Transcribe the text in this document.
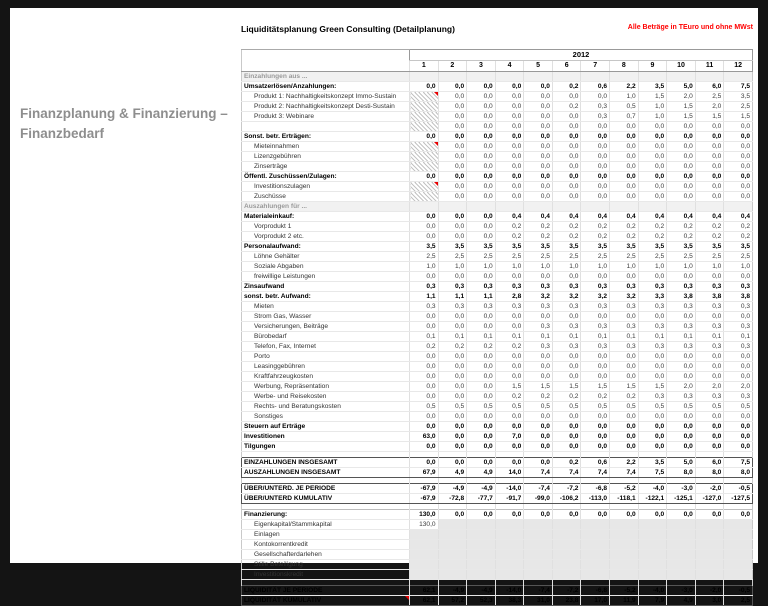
Finanzplanung & Finanzierung – Finanzbedarf
Liquiditätsplanung Green Consulting (Detailplanung)	Alle Beträge in TEuro und ohne MWst
	2012											
	1	2	3	4	5	6	7	8	9	10	11	12
Einzahlungen aus ...												
Umsatzerlösen/Anzahlungen:	0,0	0,0	0,0	0,0	0,0	0,2	0,6	2,2	3,5	5,0	6,0	7,5
Produkt 1: Nachhaltigkeitskonzept Immo-Sustain		0,0	0,0	0,0	0,0	0,0	0,0	1,0	1,5	2,0	2,5	3,5
Produkt 2: Nachhaltigkeitskonzept Desti-Sustain		0,0	0,0	0,0	0,0	0,2	0,3	0,5	1,0	1,5	2,0	2,5
Produkt 3: Webinare		0,0	0,0	0,0	0,0	0,0	0,3	0,7	1,0	1,5	1,5	1,5
		0,0	0,0	0,0	0,0	0,0	0,0	0,0	0,0	0,0	0,0	0,0
Sonst. betr. Erträgen:	0,0	0,0	0,0	0,0	0,0	0,0	0,0	0,0	0,0	0,0	0,0	0,0
Mieteinnahmen		0,0	0,0	0,0	0,0	0,0	0,0	0,0	0,0	0,0	0,0	0,0
Lizenzgebühren		0,0	0,0	0,0	0,0	0,0	0,0	0,0	0,0	0,0	0,0	0,0
Zinserträge		0,0	0,0	0,0	0,0	0,0	0,0	0,0	0,0	0,0	0,0	0,0
Öffentl. Zuschüssen/Zulagen:	0,0	0,0	0,0	0,0	0,0	0,0	0,0	0,0	0,0	0,0	0,0	0,0
Investitionszulagen		0,0	0,0	0,0	0,0	0,0	0,0	0,0	0,0	0,0	0,0	0,0
Zuschüsse		0,0	0,0	0,0	0,0	0,0	0,0	0,0	0,0	0,0	0,0	0,0
Auszahlungen für ...												
Materialeinkauf:	0,0	0,0	0,0	0,4	0,4	0,4	0,4	0,4	0,4	0,4	0,4	0,4
Vorprodukt 1	0,0	0,0	0,0	0,2	0,2	0,2	0,2	0,2	0,2	0,2	0,2	0,2
Vorprodukt 2 etc.	0,0	0,0	0,0	0,2	0,2	0,2	0,2	0,2	0,2	0,2	0,2	0,2
Personalaufwand:	3,5	3,5	3,5	3,5	3,5	3,5	3,5	3,5	3,5	3,5	3,5	3,5
Löhne Gehälter	2,5	2,5	2,5	2,5	2,5	2,5	2,5	2,5	2,5	2,5	2,5	2,5
Soziale Abgaben	1,0	1,0	1,0	1,0	1,0	1,0	1,0	1,0	1,0	1,0	1,0	1,0
freiwillige Leistungen	0,0	0,0	0,0	0,0	0,0	0,0	0,0	0,0	0,0	0,0	0,0	0,0
Zinsaufwand	0,3	0,3	0,3	0,3	0,3	0,3	0,3	0,3	0,3	0,3	0,3	0,3
sonst. betr. Aufwand:	1,1	1,1	1,1	2,8	3,2	3,2	3,2	3,2	3,3	3,8	3,8	3,8
Mieten	0,3	0,3	0,3	0,3	0,3	0,3	0,3	0,3	0,3	0,3	0,3	0,3
Strom Gas, Wasser	0,0	0,0	0,0	0,0	0,0	0,0	0,0	0,0	0,0	0,0	0,0	0,0
Versicherungen, Beiträge	0,0	0,0	0,0	0,0	0,3	0,3	0,3	0,3	0,3	0,3	0,3	0,3
Bürobedarf	0,1	0,1	0,1	0,1	0,1	0,1	0,1	0,1	0,1	0,1	0,1	0,1
Telefon, Fax, Internet	0,2	0,2	0,2	0,2	0,3	0,3	0,3	0,3	0,3	0,3	0,3	0,3
Porto	0,0	0,0	0,0	0,0	0,0	0,0	0,0	0,0	0,0	0,0	0,0	0,0
Leasinggebühren	0,0	0,0	0,0	0,0	0,0	0,0	0,0	0,0	0,0	0,0	0,0	0,0
Kraftfahrzeugkosten	0,0	0,0	0,0	0,0	0,0	0,0	0,0	0,0	0,0	0,0	0,0	0,0
Werbung, Repräsentation	0,0	0,0	0,0	1,5	1,5	1,5	1,5	1,5	1,5	2,0	2,0	2,0
Werbe- und Reisekosten	0,0	0,0	0,0	0,2	0,2	0,2	0,2	0,2	0,3	0,3	0,3	0,3
Rechts- und Beratungskosten	0,5	0,5	0,5	0,5	0,5	0,5	0,5	0,5	0,5	0,5	0,5	0,5
Sonstiges	0,0	0,0	0,0	0,0	0,0	0,0	0,0	0,0	0,0	0,0	0,0	0,0
Steuern auf Erträge	0,0	0,0	0,0	0,0	0,0	0,0	0,0	0,0	0,0	0,0	0,0	0,0
Investitionen	63,0	0,0	0,0	7,0	0,0	0,0	0,0	0,0	0,0	0,0	0,0	0,0
Tilgungen	0,0	0,0	0,0	0,0	0,0	0,0	0,0	0,0	0,0	0,0	0,0	0,0

EINZAHLUNGEN INSGESAMT	0,0	0,0	0,0	0,0	0,0	0,2	0,6	2,2	3,5	5,0	6,0	7,5
AUSZAHLUNGEN INSGESAMT	67,9	4,9	4,9	14,0	7,4	7,4	7,4	7,4	7,5	8,0	8,0	8,0

ÜBER/UNTERD. JE PERIODE	-67,9	-4,9	-4,9	-14,0	-7,4	-7,2	-6,8	-5,2	-4,0	-3,0	-2,0	-0,5
ÜBER/UNTERD KUMULATIV	-67,9	-72,8	-77,7	-91,7	-99,0	-106,2	-113,0	-118,1	-122,1	-125,1	-127,0	-127,5

Finanzierung:	130,0	0,0	0,0	0,0	0,0	0,0	0,0	0,0	0,0	0,0	0,0	0,0
Eigenkapital/Stammkapital	130,0											
Einlagen												
Kontokorrentkredit												
Gesellschafterdarlehen												
Stille Beteiligung												
Investitionskredit												

LIQUIDITÄT JE PERIODE	62,1	-4,9	-4,9	-14,0	-7,4	-7,2	-6,8	-5,2	-4,0	-3,0	-2,0	-0,5
LIQUIDITÄT KUMULATIV	62,1	57,2	52,3	38,3	31,0	23,8	17,0	11,9	7,9	4,9	3,0	2,5
